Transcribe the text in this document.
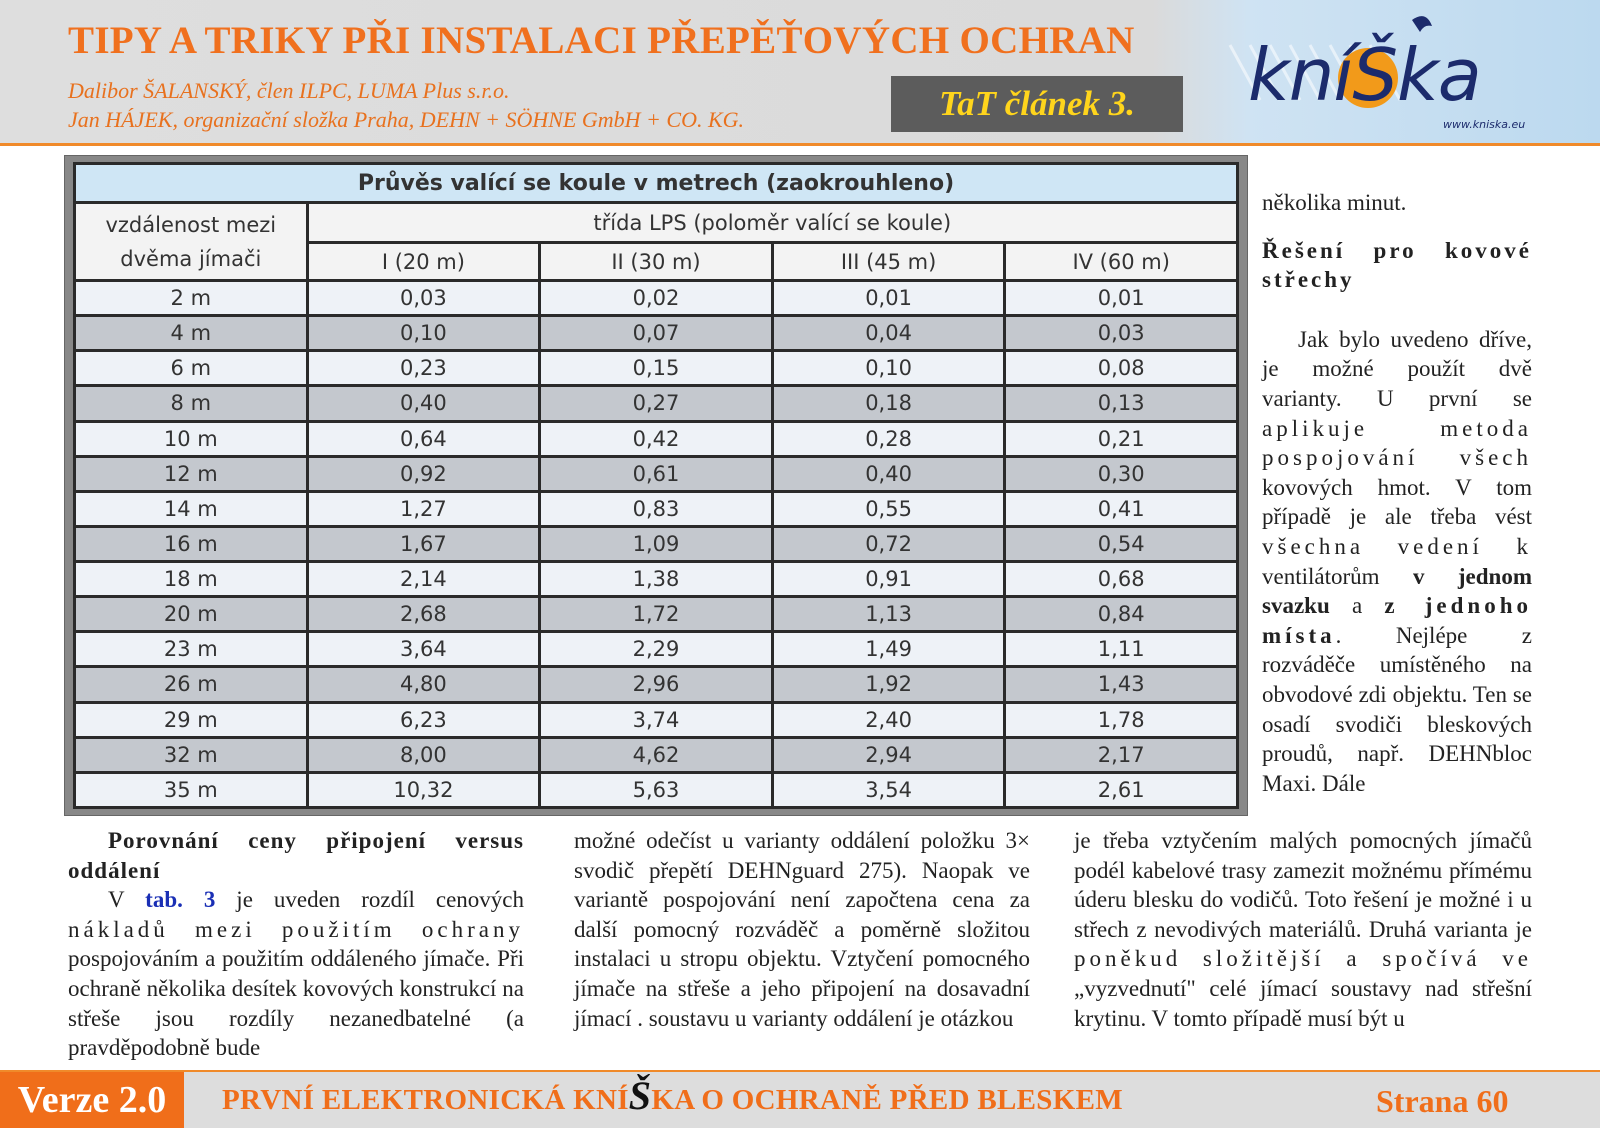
TIPY A TRIKY PŘI INSTALACI PŘEPĚŤOVÝCH OCHRAN
Dalibor ŠALANSKÝ, člen ILPC, LUMA Plus s.r.o.
Jan HÁJEK, organizační složka Praha, DEHN + SÖHNE GmbH + CO. KG.	TaT článek 3.	kníŠka
www.kniska.eu
Průvěs valící se koule v metrech (zaokrouhleno)				
vzdálenost mezi dvěma jímači	třída LPS (poloměr valící se koule)			
	I (20 m)	II (30 m)	III (45 m)	IV (60 m)
2 m	0,03	0,02	0,01	0,01
4 m	0,10	0,07	0,04	0,03
6 m	0,23	0,15	0,10	0,08
8 m	0,40	0,27	0,18	0,13
10 m	0,64	0,42	0,28	0,21
12 m	0,92	0,61	0,40	0,30
14 m	1,27	0,83	0,55	0,41
16 m	1,67	1,09	0,72	0,54
18 m	2,14	1,38	0,91	0,68
20 m	2,68	1,72	1,13	0,84
23 m	3,64	2,29	1,49	1,11
26 m	4,80	2,96	1,92	1,43
29 m	6,23	3,74	2,40	1,78
32 m	8,00	4,62	2,94	2,17
35 m	10,32	5,63	3,54	2,61

několika minut.

Řešení pro kovové střechy

Jak bylo uvedeno dříve, je možné použít dvě varianty. U první se aplikuje metoda pospojování všech kovových hmot. V tom případě je ale třeba vést všechna vedení k ventilátorům v jednom svazku a z jednoho místa. Nejlépe z rozváděče umístěného na obvodové zdi objektu. Ten se osadí svodiči bleskových proudů, např. DEHNbloc Maxi. Dále

Porovnání ceny připojení versus oddálení

V tab. 3 je uveden rozdíl cenových nákladů mezi použitím ochrany pospojováním a použitím oddáleného jímače. Při ochraně několika desítek kovových konstrukcí na střeše jsou rozdíly nezanedbatelné (a pravděpodobně bude

možné odečíst u varianty oddálení položku 3× svodič přepětí DEHNguard 275). Naopak ve variantě pospojování není započtena cena za další pomocný rozváděč a poměrně složitou instalaci u stropu objektu. Vztyčení pomocného jímače na střeše a jeho připojení na dosavadní jímací . soustavu u varianty oddálení je otázkou

je třeba vztyčením malých pomocných jímačů podél kabelové trasy zamezit možnému přímému úderu blesku do vodičů. Toto řešení je možné i u střech z nevodivých materiálů. Druhá varianta je poněkud složitější a spočívá ve „vyzvednutí" celé jímací soustavy nad střešní krytinu. V tomto případě musí být u

Verze 2.0	PRVNÍ ELEKTRONICKÁ KNÍŠKA O OCHRANĚ PŘED BLESKEM	Strana 60
